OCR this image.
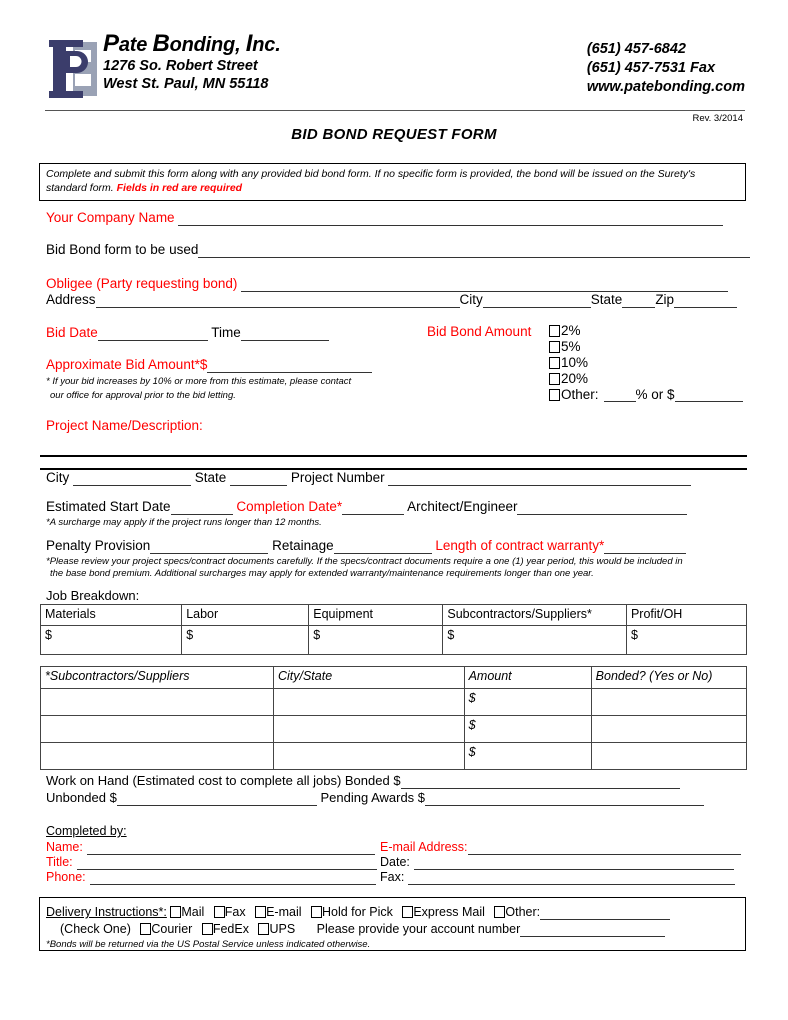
Pate Bonding, Inc.
1276 So. Robert Street
West St. Paul, MN 55118
(651) 457-6842
(651) 457-7531 Fax
www.patebonding.com
Rev. 3/2014
BID BOND REQUEST FORM
Complete and submit this form along with any provided bid bond form. If no specific form is provided, the bond will be issued on the Surety's standard form. Fields in red are required
Your Company Name
Bid Bond form to be used
Obligee (Party requesting bond)
Address	City	State Zip
Bid Date	Time	Bid Bond Amount	2%
5%
10%
20%
Other:	% or $
Approximate Bid Amount*$
* If your bid increases by 10% or more from this estimate, please contact
our office for approval prior to the bid letting.
Project Name/Description:
City	State	Project Number
Estimated Start Date	Completion Date*	Architect/Engineer
*A surcharge may apply if the project runs longer than 12 months.
Penalty Provision	Retainage	Length of contract warranty*
*Please review your project specs/contract documents carefully. If the specs/contract documents require a one (1) year period, this would be included in
the base bond premium. Additional surcharges may apply for extended warranty/maintenance requirements longer than one year.
Job Breakdown:
Materials	Labor	Equipment	Subcontractors/Suppliers*	Profit/OH
$	$	$	$	$
*Subcontractors/Suppliers	City/State	Amount	Bonded? (Yes or No)
		$	
		$	
		$	
Work on Hand (Estimated cost to complete all jobs) Bonded $
Unbonded $	Pending Awards $
Completed by:
Name:
Title:
Phone:
E-mail Address:
Date:
Fax:
Delivery Instructions*: Mail Fax E-mail Hold for Pick Express Mail Other:
(Check One) Courier FedEx UPS Please provide your account number
*Bonds will be returned via the US Postal Service unless indicated otherwise.
